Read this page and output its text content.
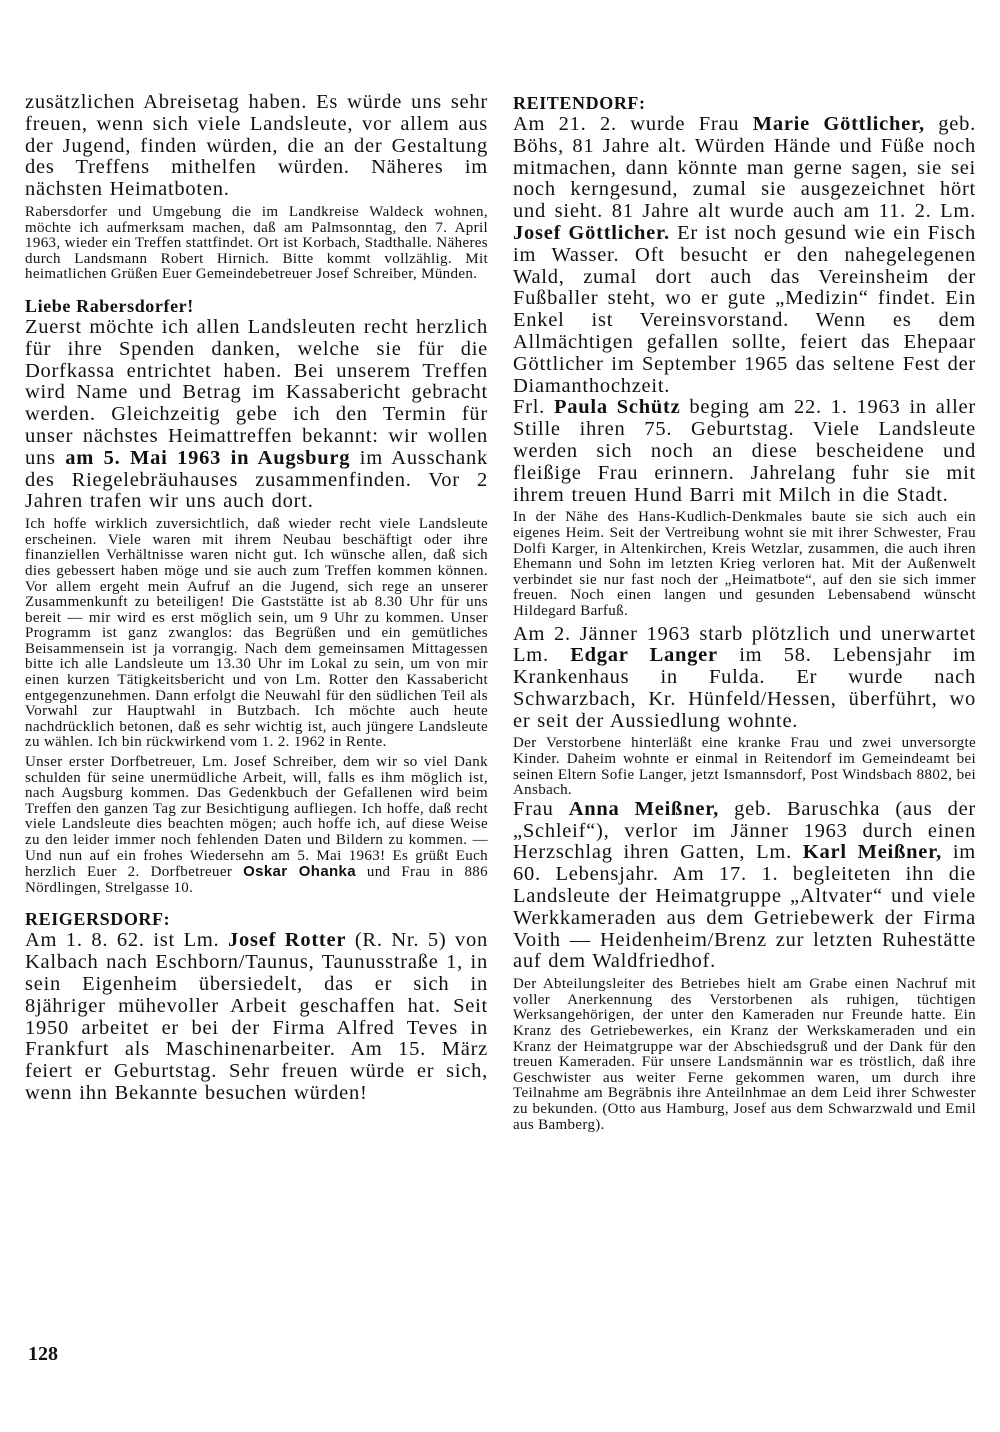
zusätzlichen Abreisetag haben. Es würde uns sehr freuen, wenn sich viele Landsleute, vor allem aus der Jugend, finden würden, die an der Gestaltung des Treffens mithelfen würden. Näheres im nächsten Heimatboten.

Rabersdorfer und Umgebung die im Landkreise Waldeck wohnen, möchte ich aufmerksam machen, daß am Palmsonntag, den 7. April 1963, wieder ein Treffen stattfindet. Ort ist Korbach, Stadthalle. Näheres durch Landsmann Robert Hirnich. Bitte kommt vollzählig. Mit heimatlichen Grüßen Euer Gemeindebetreuer Josef Schreiber, Münden.

Liebe Rabersdorfer!

Zuerst möchte ich allen Landsleuten recht herzlich für ihre Spenden danken, welche sie für die Dorfkassa entrichtet haben. Bei unserem Treffen wird Name und Betrag im Kassabericht gebracht werden. Gleichzeitig gebe ich den Termin für unser nächstes Heimattreffen bekannt: wir wollen uns am 5. Mai 1963 in Augsburg im Ausschank des Riegelebräuhauses zusammenfinden. Vor 2 Jahren trafen wir uns auch dort.

Ich hoffe wirklich zuversichtlich, daß wieder recht viele Landsleute erscheinen. Viele waren mit ihrem Neubau beschäftigt oder ihre finanziellen Verhältnisse waren nicht gut. Ich wünsche allen, daß sich dies gebessert haben möge und sie auch zum Treffen kommen können. Vor allem ergeht mein Aufruf an die Jugend, sich rege an unserer Zusammenkunft zu beteiligen! Die Gaststätte ist ab 8.30 Uhr für uns bereit — mir wird es erst möglich sein, um 9 Uhr zu kommen. Unser Programm ist ganz zwanglos: das Begrüßen und ein gemütliches Beisammensein ist ja vorrangig. Nach dem gemeinsamen Mittagessen bitte ich alle Landsleute um 13.30 Uhr im Lokal zu sein, um von mir einen kurzen Tätigkeitsbericht und von Lm. Rotter den Kassabericht entgegenzunehmen. Dann erfolgt die Neuwahl für den südlichen Teil als Vorwahl zur Hauptwahl in Butzbach. Ich möchte auch heute nachdrücklich betonen, daß es sehr wichtig ist, auch jüngere Landsleute zu wählen. Ich bin rückwirkend vom 1. 2. 1962 in Rente.

Unser erster Dorfbetreuer, Lm. Josef Schreiber, dem wir so viel Dank schulden für seine unermüdliche Arbeit, will, falls es ihm möglich ist, nach Augsburg kommen. Das Gedenkbuch der Gefallenen wird beim Treffen den ganzen Tag zur Besichtigung aufliegen. Ich hoffe, daß recht viele Landsleute dies beachten mögen; auch hoffe ich, auf diese Weise zu den leider immer noch fehlenden Daten und Bildern zu kommen. — Und nun auf ein frohes Wiedersehn am 5. Mai 1963! Es grüßt Euch herzlich Euer 2. Dorfbetreuer Oskar Ohanka und Frau in 886 Nördlingen, Strelgasse 10.

REIGERSDORF:

Am 1. 8. 62. ist Lm. Josef Rotter (R. Nr. 5) von Kalbach nach Eschborn/Taunus, Taunusstraße 1, in sein Eigenheim übersiedelt, das er sich in 8jähriger mühevoller Arbeit geschaffen hat. Seit 1950 arbeitet er bei der Firma Alfred Teves in Frankfurt als Maschinenarbeiter. Am 15. März feiert er Geburtstag. Sehr freuen würde er sich, wenn ihn Bekannte besuchen würden!

REITENDORF:

Am 21. 2. wurde Frau Marie Göttlicher, geb. Böhs, 81 Jahre alt. Würden Hände und Füße noch mitmachen, dann könnte man gerne sagen, sie sei noch kerngesund, zumal sie ausgezeichnet hört und sieht. 81 Jahre alt wurde auch am 11. 2. Lm. Josef Göttlicher. Er ist noch gesund wie ein Fisch im Wasser. Oft besucht er den nahegelegenen Wald, zumal dort auch das Vereinsheim der Fußballer steht, wo er gute „Medizin“ findet. Ein Enkel ist Vereinsvorstand. Wenn es dem Allmächtigen gefallen sollte, feiert das Ehepaar Göttlicher im September 1965 das seltene Fest der Diamanthochzeit.

Frl. Paula Schütz beging am 22. 1. 1963 in aller Stille ihren 75. Geburtstag. Viele Landsleute werden sich noch an diese bescheidene und fleißige Frau erinnern. Jahrelang fuhr sie mit ihrem treuen Hund Barri mit Milch in die Stadt.

In der Nähe des Hans-Kudlich-Denkmales baute sie sich auch ein eigenes Heim. Seit der Vertreibung wohnt sie mit ihrer Schwester, Frau Dolfi Karger, in Altenkirchen, Kreis Wetzlar, zusammen, die auch ihren Ehemann und Sohn im letzten Krieg verloren hat. Mit der Außenwelt verbindet sie nur fast noch der „Heimatbote“, auf den sie sich immer freuen. Noch einen langen und gesunden Lebensabend wünscht Hildegard Barfuß.

Am 2. Jänner 1963 starb plötzlich und unerwartet Lm. Edgar Langer im 58. Lebensjahr im Krankenhaus in Fulda. Er wurde nach Schwarzbach, Kr. Hünfeld/Hessen, überführt, wo er seit der Aussiedlung wohnte.

Der Verstorbene hinterläßt eine kranke Frau und zwei unversorgte Kinder. Daheim wohnte er einmal in Reitendorf im Gemeindeamt bei seinen Eltern Sofie Langer, jetzt Ismannsdorf, Post Windsbach 8802, bei Ansbach.

Frau Anna Meißner, geb. Baruschka (aus der „Schleif“), verlor im Jänner 1963 durch einen Herzschlag ihren Gatten, Lm. Karl Meißner, im 60. Lebensjahr. Am 17. 1. begleiteten ihn die Landsleute der Heimatgruppe „Altvater“ und viele Werkkameraden aus dem Getriebewerk der Firma Voith — Heidenheim/Brenz zur letzten Ruhestätte auf dem Waldfriedhof.

Der Abteilungsleiter des Betriebes hielt am Grabe einen Nachruf mit voller Anerkennung des Verstorbenen als ruhigen, tüchtigen Werksangehörigen, der unter den Kameraden nur Freunde hatte. Ein Kranz des Getriebewerkes, ein Kranz der Werkskameraden und ein Kranz der Heimatgruppe war der Abschiedsgruß und der Dank für den treuen Kameraden. Für unsere Landsmännin war es tröstlich, daß ihre Geschwister aus weiter Ferne gekommen waren, um durch ihre Teilnahme am Begräbnis ihre Anteilnhmae an dem Leid ihrer Schwester zu bekunden. (Otto aus Hamburg, Josef aus dem Schwarzwald und Emil aus Bamberg).

128
